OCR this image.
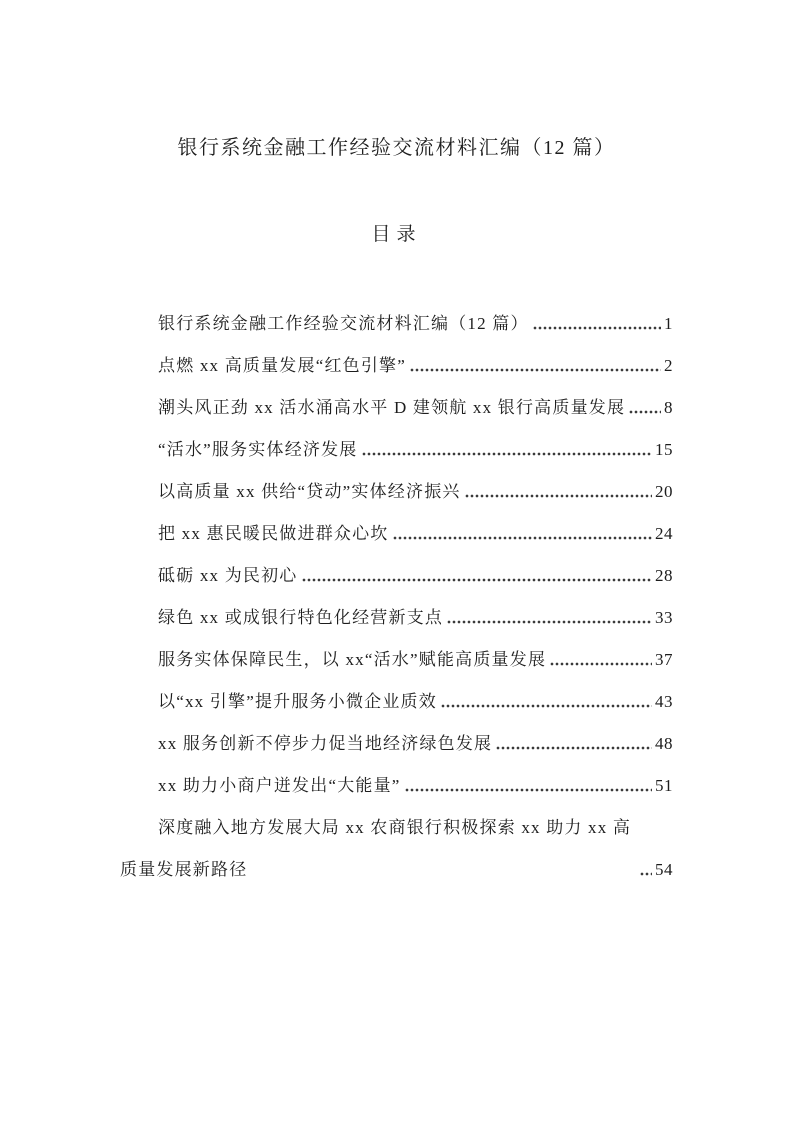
银行系统金融工作经验交流材料汇编（12 篇）
目录
银行系统金融工作经验交流材料汇编（12 篇）	1
点燃 xx 高质量发展“红色引擎”	2
潮头风正劲 xx 活水涌高水平 D 建领航 xx 银行高质量发展 8
“活水”服务实体经济发展	15
以高质量 xx 供给“贷动”实体经济振兴	20
把 xx 惠民暖民做进群众心坎	24
砥砺 xx 为民初心	28
绿色 xx 或成银行特色化经营新支点	33
服务实体保障民生，以 xx“活水”赋能高质量发展	37
以“xx 引擎”提升服务小微企业质效	43
xx 服务创新不停步力促当地经济绿色发展	48
xx 助力小商户迸发出“大能量”	51
深度融入地方发展大局 xx 农商银行积极探索 xx 助力 xx 高质量发展新路径	54
